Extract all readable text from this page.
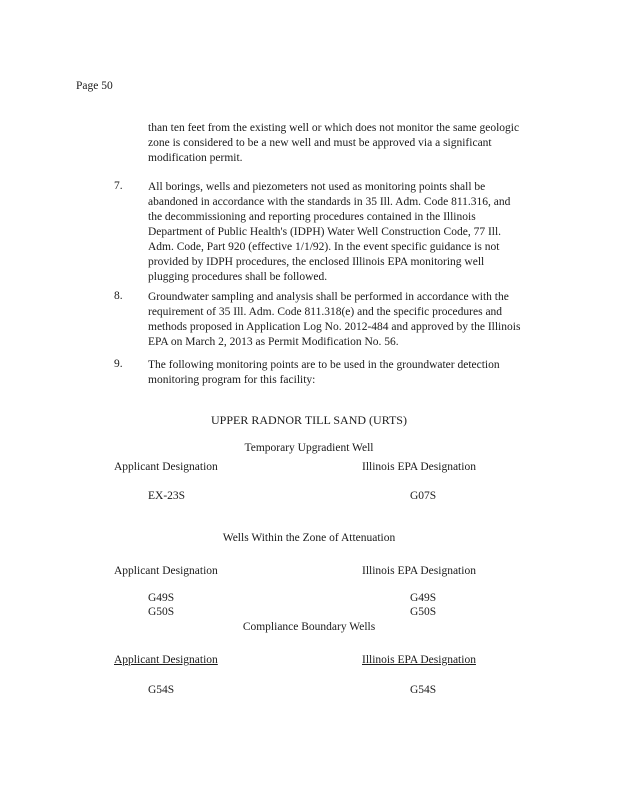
Page 50
than ten feet from the existing well or which does not monitor the same geologic
zone is considered to be a new well and must be approved via a significant
modification permit.
7. All borings, wells and piezometers not used as monitoring points shall be
abandoned in accordance with the standards in 35 Ill. Adm. Code 811.316, and
the decommissioning and reporting procedures contained in the Illinois
Department of Public Health's (IDPH) Water Well Construction Code, 77 Ill.
Adm. Code, Part 920 (effective 1/1/92). In the event specific guidance is not
provided by IDPH procedures, the enclosed Illinois EPA monitoring well
plugging procedures shall be followed.
8. Groundwater sampling and analysis shall be performed in accordance with the
requirement of 35 Ill. Adm. Code 811.318(e) and the specific procedures and
methods proposed in Application Log No. 2012-484 and approved by the Illinois
EPA on March 2, 2013 as Permit Modification No. 56.
9. The following monitoring points are to be used in the groundwater detection
monitoring program for this facility:
UPPER RADNOR TILL SAND (URTS)
Temporary Upgradient Well
Applicant Designation	Illinois EPA Designation
EX-23S	G07S
Wells Within the Zone of Attenuation
Applicant Designation	Illinois EPA Designation
G49S	G49S
G50S	G50S
Compliance Boundary Wells
Applicant Designation	Illinois EPA Designation
G54S	G54S
